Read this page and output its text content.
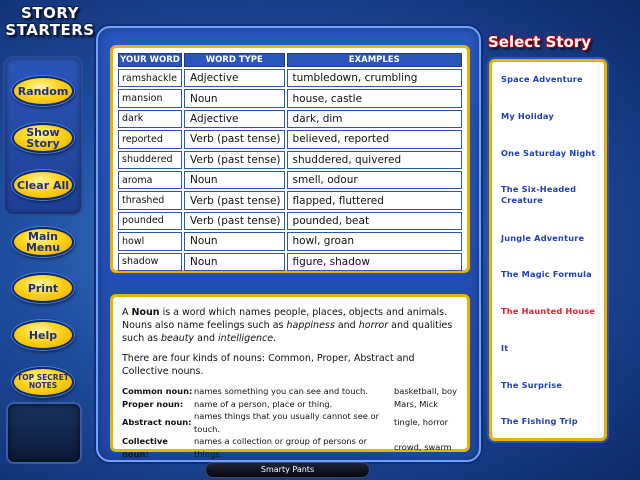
STORY
STARTERS
Random
Show
Story
Clear All
Main
Menu
Print
Help
TOP SECRET
NOTES
YOUR WORD	WORD TYPE	EXAMPLES
ramshackle	Adjective	tumbledown, crumbling
mansion	Noun	house, castle
dark	Adjective	dark, dim
reported	Verb (past tense)	believed, reported
shuddered	Verb (past tense)	shuddered, quivered
aroma	Noun	smell, odour
thrashed	Verb (past tense)	flapped, fluttered
pounded	Verb (past tense)	pounded, beat
howl	Noun	howl, groan
shadow	Noun	figure, shadow

A Noun is a word which names people, places, objects and animals. Nouns also name feelings such as happiness and horror and qualities such as beauty and intelligence.

There are four kinds of nouns: Common, Proper, Abstract and Collective nouns.

Common noun:	names something you can see and touch.	basketball, boy
Proper noun:	name of a person, place or thing.	Mars, Mick
Abstract noun:	names things that you usually cannot see or touch.	tingle, horror
Collective noun:	names a collection or group of persons or things.	crowd, swarm
Select Story
Space Adventure
My Holiday
One Saturday Night
The Six-Headed Creature
Jungle Adventure
The Magic Formula
The Haunted House
It
The Surprise
The Fishing Trip
Smarty Pants
